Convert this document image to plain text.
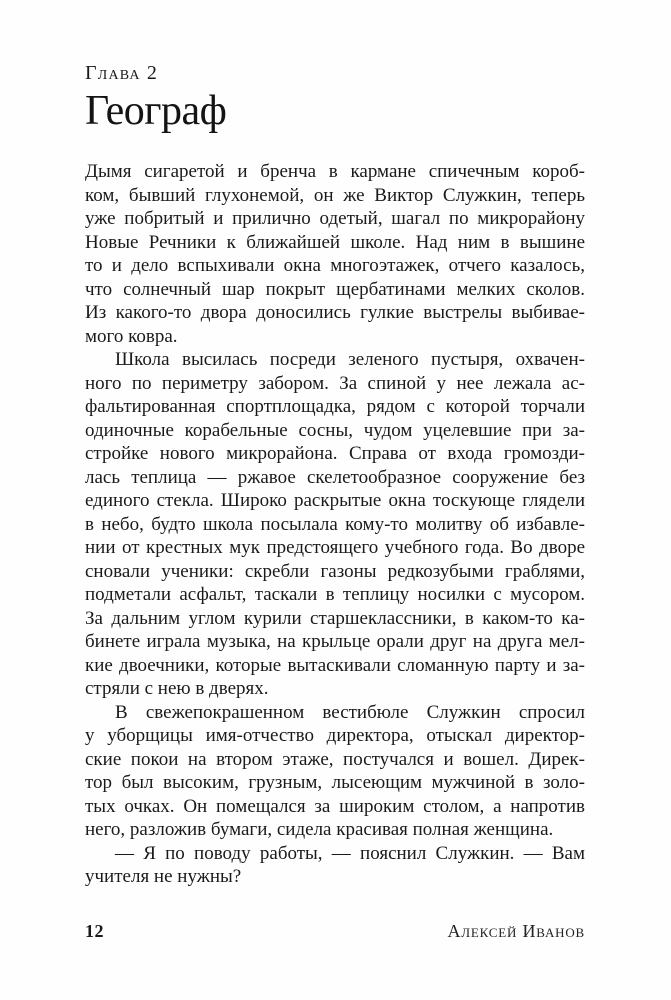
Глава 2
Географ
Дымя сигаретой и бренча в кармане спичечным короб-
ком, бывший глухонемой, он же Виктор Служкин, теперь
уже побритый и прилично одетый, шагал по микрорайону
Новые Речники к ближайшей школе. Над ним в вышине
то и дело вспыхивали окна многоэтажек, отчего казалось,
что солнечный шар покрыт щербатинами мелких сколов.
Из какого-то двора доносились гулкие выстрелы выбивае-
мого ковра.
Школа высилась посреди зеленого пустыря, охвачен-
ного по периметру забором. За спиной у нее лежала ас-
фальтированная спортплощадка, рядом с которой торчали
одиночные корабельные сосны, чудом уцелевшие при за-
стройке нового микрорайона. Справа от входа громозди-
лась теплица — ржавое скелетообразное сооружение без
единого стекла. Широко раскрытые окна тоскующе глядели
в небо, будто школа посылала кому-то молитву об избавле-
нии от крестных мук предстоящего учебного года. Во дворе
сновали ученики: скребли газоны редкозубыми граблями,
подметали асфальт, таскали в теплицу носилки с мусором.
За дальним углом курили старшеклассники, в каком-то ка-
бинете играла музыка, на крыльце орали друг на друга мел-
кие двоечники, которые вытаскивали сломанную парту и за-
стряли с нею в дверях.
В свежепокрашенном вестибюле Служкин спросил
у уборщицы имя-отчество директора, отыскал директор-
ские покои на втором этаже, постучался и вошел. Дирек-
тор был высоким, грузным, лысеющим мужчиной в золо-
тых очках. Он помещался за широким столом, а напротив
него, разложив бумаги, сидела красивая полная женщина.
— Я по поводу работы, — пояснил Служкин. — Вам
учителя не нужны?
12	Алексей Иванов
